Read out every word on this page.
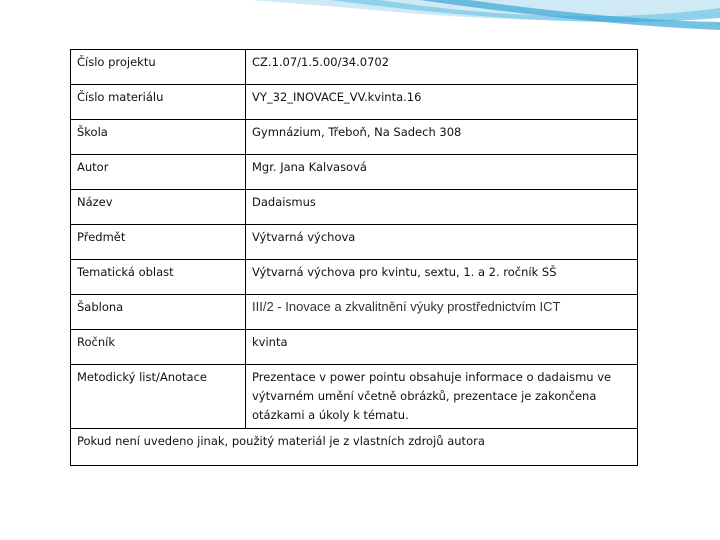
Číslo projektu	CZ.1.07/1.5.00/34.0702
Číslo materiálu	VY_32_INOVACE_VV.kvinta.16
Škola	Gymnázium, Třeboň, Na Sadech 308
Autor	Mgr. Jana Kalvasová
Název	Dadaismus
Předmět	Výtvarná výchova
Tematická oblast	Výtvarná výchova pro kvintu, sextu, 1. a 2. ročník SŠ
Šablona	III/2 - Inovace a zkvalitnění výuky prostřednictvím ICT
Ročník	kvinta
Metodický list/Anotace	Prezentace v power pointu obsahuje informace o dadaismu ve
výtvarném umění včetně obrázků, prezentace je zakončena
otázkami a úkoly k tématu.

Pokud není uvedeno jinak, použitý materiál je z vlastních zdrojů autora	
